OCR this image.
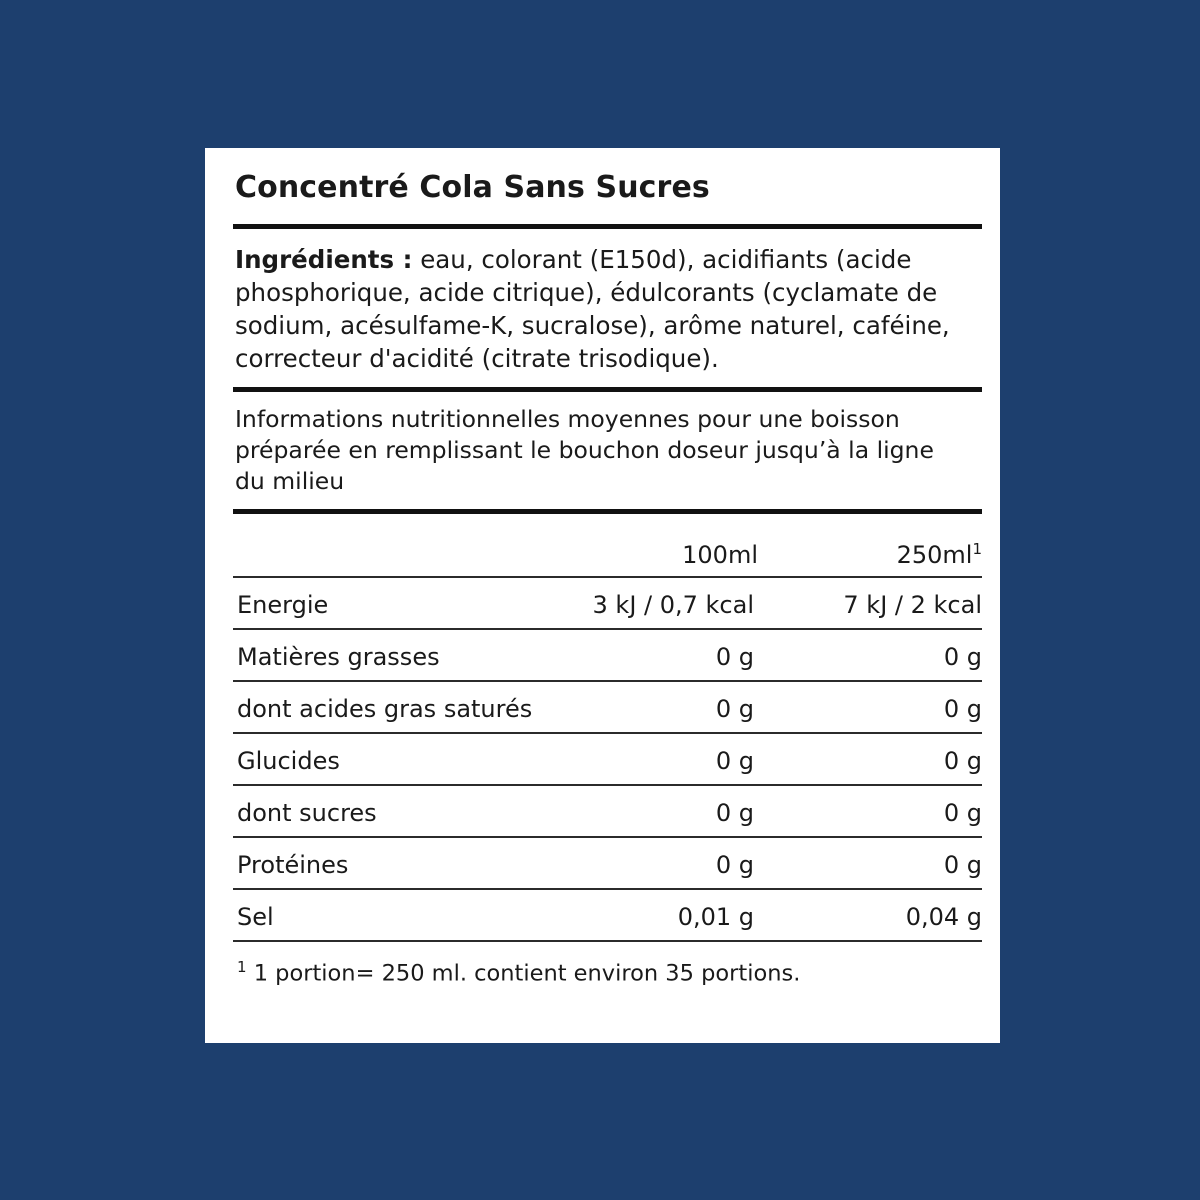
Concentré Cola Sans Sucres
Ingrédients : eau, colorant (E150d), acidifiants (acide phosphorique, acide citrique), édulcorants (cyclamate de sodium, acésulfame-K, sucralose), arôme naturel, caféine, correcteur d'acidité (citrate trisodique).
Informations nutritionnelles moyennes pour une boisson préparée en remplissant le bouchon doseur jusqu’à la ligne du milieu
	100ml	$250ml^1$
Energie	3 kJ / 0,7 kcal	7 kJ / 2 kcal
Matières grasses	0 g	0 g
dont acides gras saturés	0 g	0 g
Glucides	0 g	0 g
dont sucres	0 g	0 g
Protéines	0 g	0 g
Sel	0,01 g	0,04 g
$^1$ 1 portion= 250 ml. contient environ 35 portions.
